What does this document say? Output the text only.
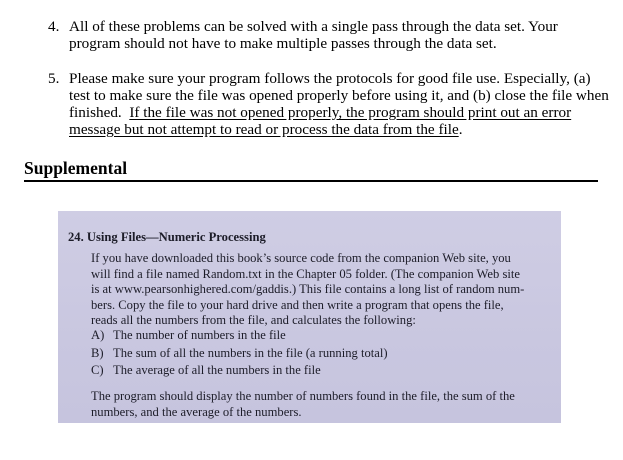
4. All of these problems can be solved with a single pass through the data set. Your
program should not have to make multiple passes through the data set.
5. Please make sure your program follows the protocols for good file use. Especially, (a)
test to make sure the file was opened properly before using it, and (b) close the file when
finished.  If the file was not opened properly, the program should print out an error
message but not attempt to read or process the data from the file.
Supplemental
24. Using Files—Numeric Processing
If you have downloaded this book’s source code from the companion Web site, you
will find a file named Random.txt in the Chapter 05 folder. (The companion Web site
is at www.pearsonhighered.com/gaddis.) This file contains a long list of random num-
bers. Copy the file to your hard drive and then write a program that opens the file,
reads all the numbers from the file, and calculates the following:
A) The number of numbers in the file
B) The sum of all the numbers in the file (a running total)
C) The average of all the numbers in the file
The program should display the number of numbers found in the file, the sum of the
numbers, and the average of the numbers.
